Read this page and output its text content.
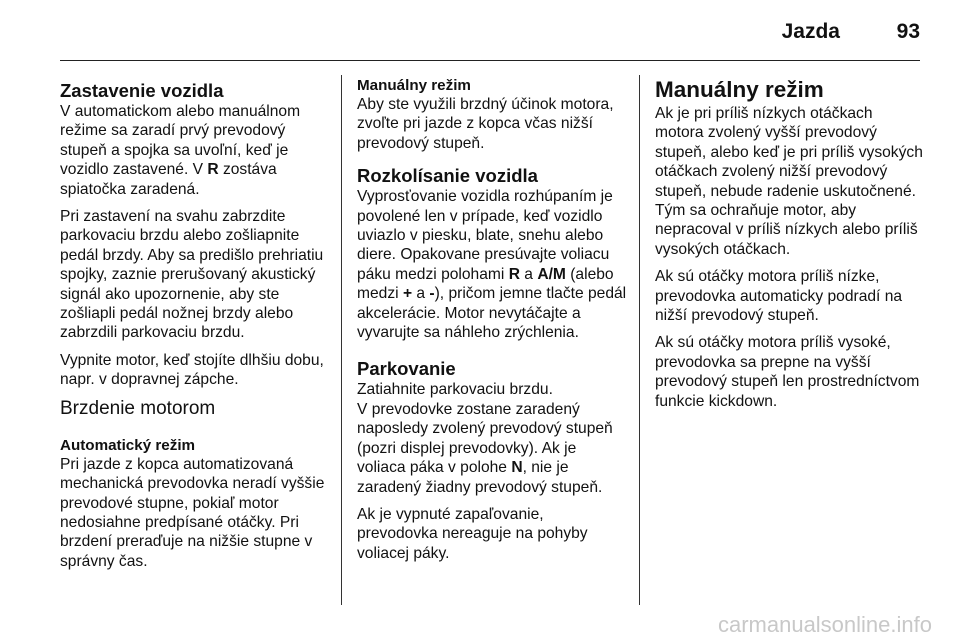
Jazda	93
Zastavenie vozidla

V automatickom alebo manuálnom režime sa zaradí prvý prevodový stupeň a spojka sa uvoľní, keď je vozidlo zastavené. V R zostáva spiatočka zaradená.

Pri zastavení na svahu zabrzdite parkovaciu brzdu alebo zošliapnite pedál brzdy. Aby sa predišlo prehriatiu spojky, zaznie prerušovaný akustický signál ako upozornenie, aby ste zošliapli pedál nožnej brzdy alebo zabrzdili parkovaciu brzdu.

Vypnite motor, keď stojíte dlhšiu dobu, napr. v dopravnej zápche.

Brzdenie motorom
Automatický režim

Pri jazde z kopca automatizovaná mechanická prevodovka neradí vyššie prevodové stupne, pokiaľ motor nedosiahne predpísané otáčky. Pri brzdení preraďuje na nižšie stupne v správny čas.

Manuálny režim

Aby ste využili brzdný účinok motora, zvoľte pri jazde z kopca včas nižší prevodový stupeň.

Rozkolísanie vozidla

Vyprosťovanie vozidla rozhúpaním je povolené len v prípade, keď vozidlo uviazlo v piesku, blate, snehu alebo diere. Opakovane presúvajte voliacu páku medzi polohami R a A/M (alebo medzi + a -), pričom jemne tlačte pedál akcelerácie. Motor nevytáčajte a vyvarujte sa náhleho zrýchlenia.

Parkovanie

Zatiahnite parkovaciu brzdu.

V prevodovke zostane zaradený naposledy zvolený prevodový stupeň (pozri displej prevodovky). Ak je voliaca páka v polohe N, nie je zaradený žiadny prevodový stupeň.

Ak je vypnuté zapaľovanie, prevodovka nereaguje na pohyby voliacej páky.

Manuálny režim

Ak je pri príliš nízkych otáčkach motora zvolený vyšší prevodový stupeň, alebo keď je pri príliš vysokých otáčkach zvolený nižší prevodový stupeň, nebude radenie uskutočnené. Tým sa ochraňuje motor, aby nepracoval v príliš nízkych alebo príliš vysokých otáčkach.

Ak sú otáčky motora príliš nízke, prevodovka automaticky podradí na nižší prevodový stupeň.

Ak sú otáčky motora príliš vysoké, prevodovka sa prepne na vyšší prevodový stupeň len prostredníctvom funkcie kickdown.

carmanualsonline.info
